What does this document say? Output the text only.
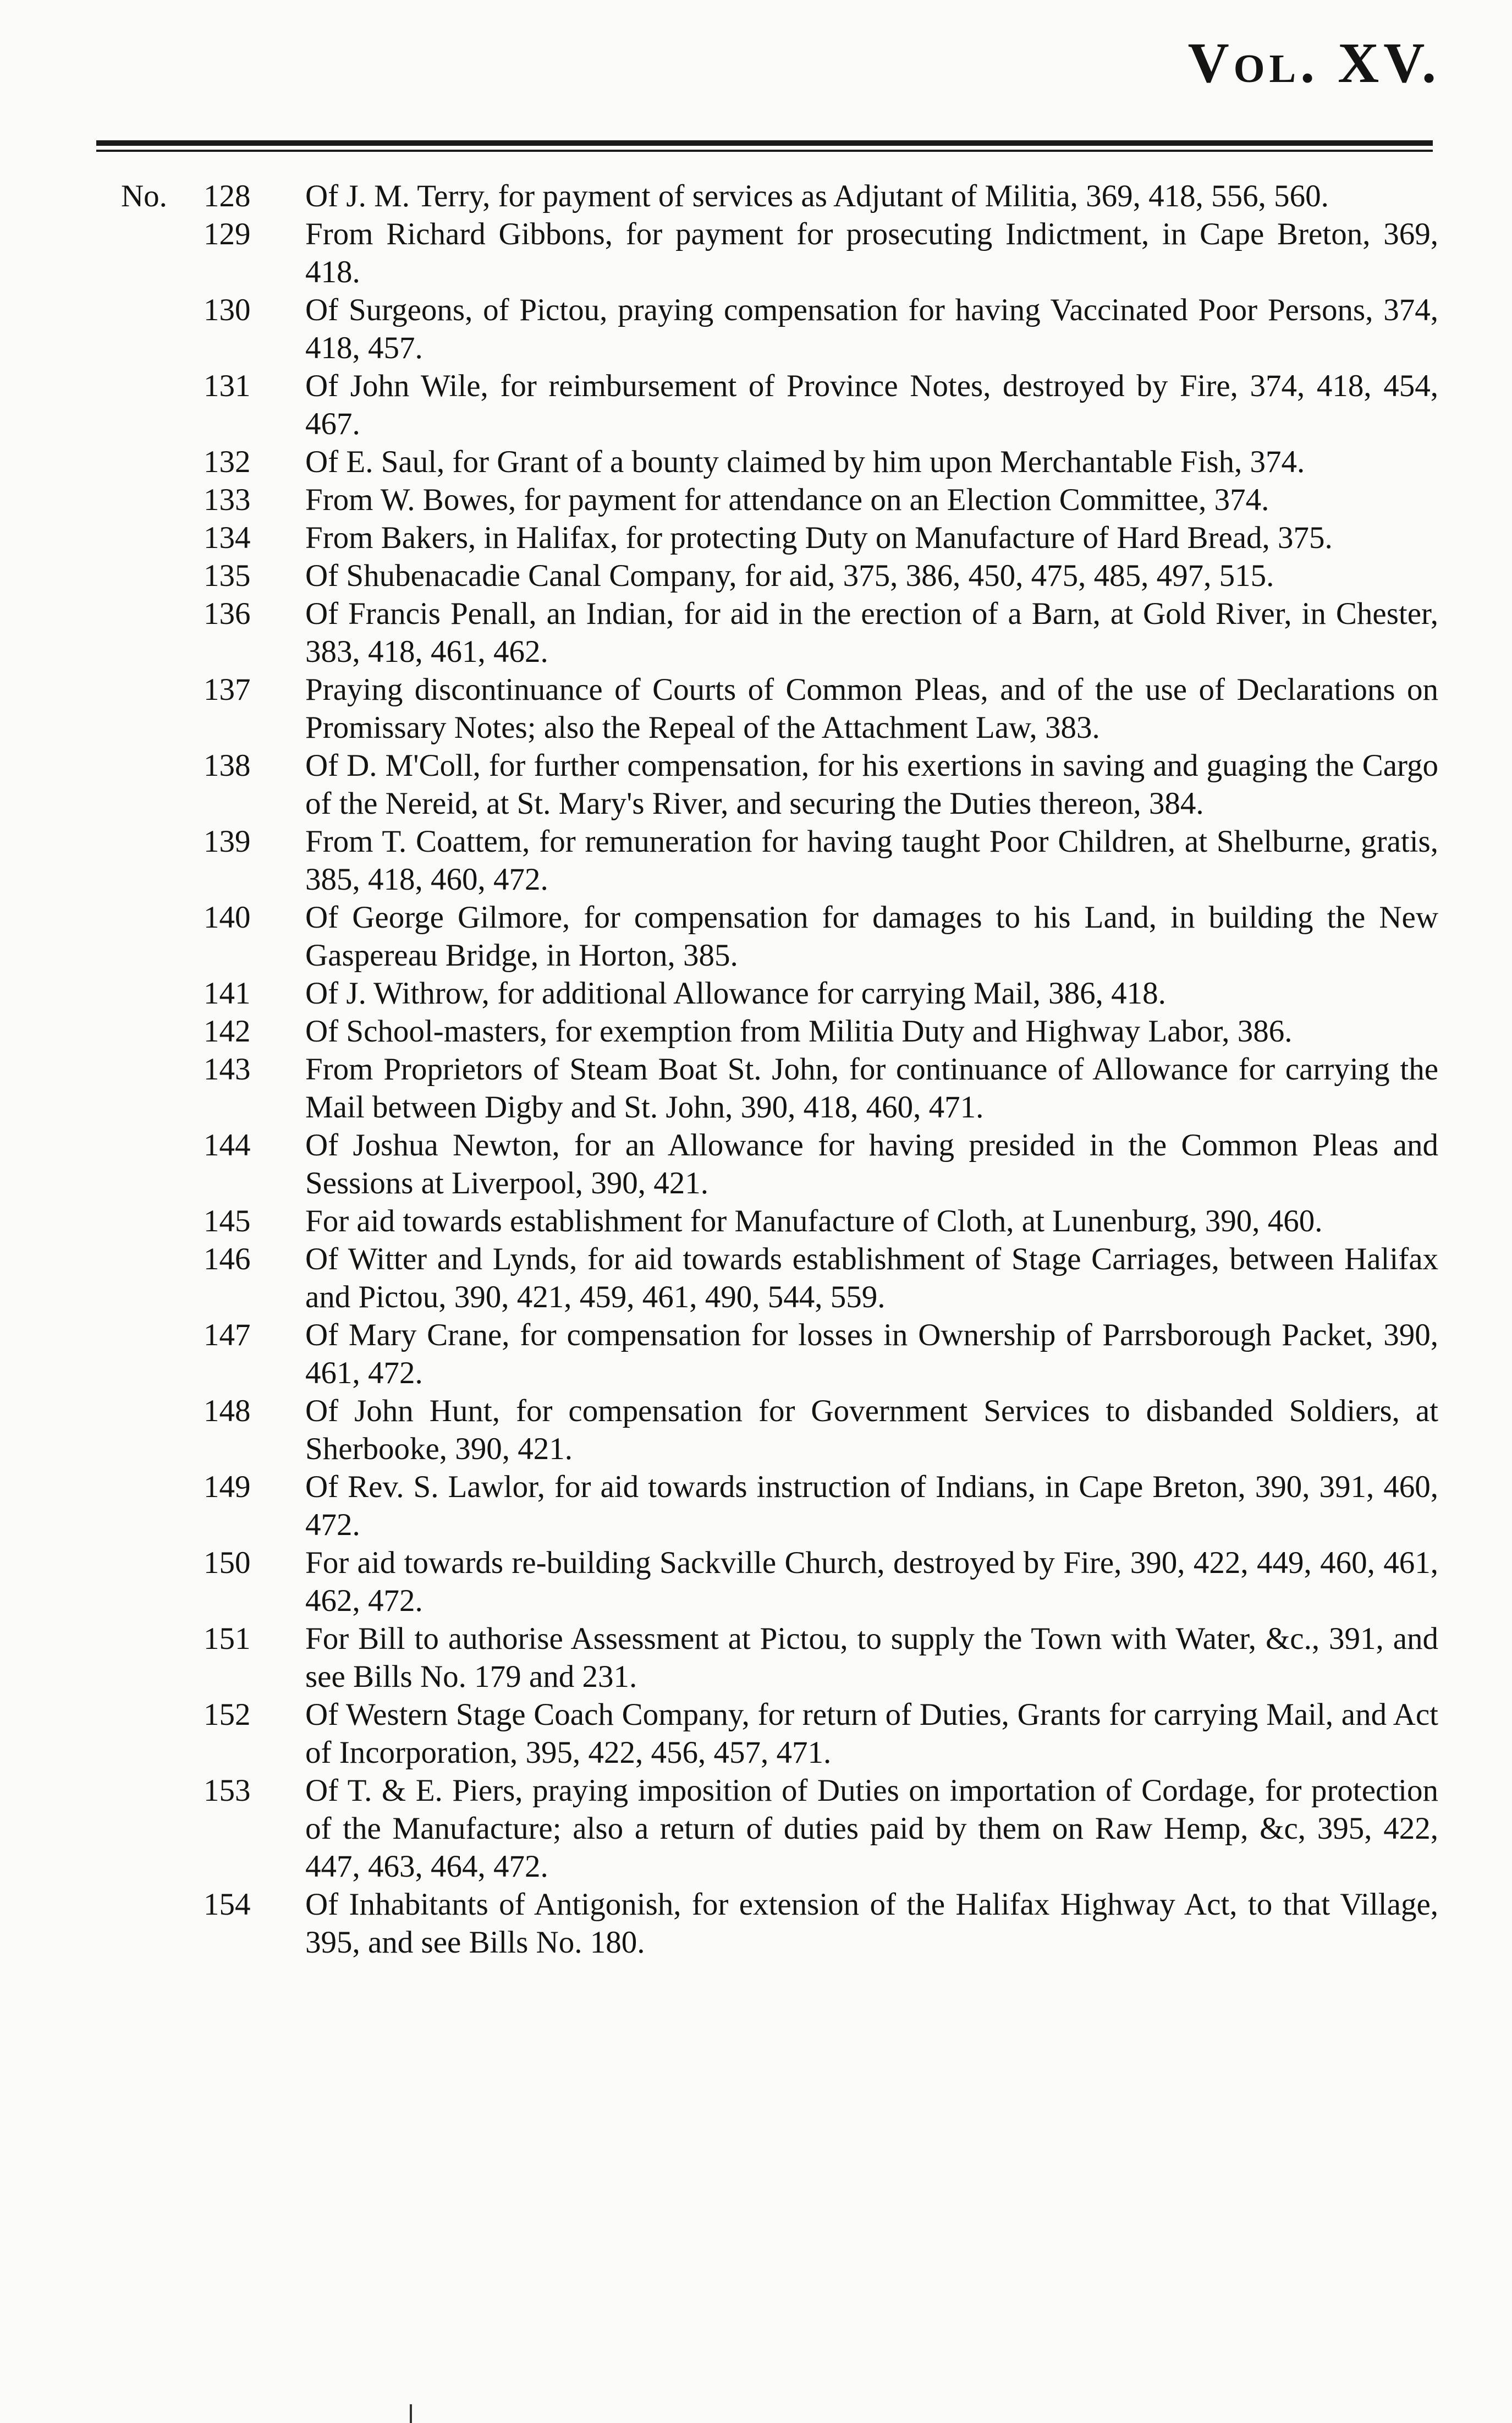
Vol. XV.
No. 128	Of J. M. Terry, for payment of services as Adjutant of Militia, 369, 418, 556, 560.
129	From Richard Gibbons, for payment for prosecuting Indictment, in Cape Breton, 369, 418.
130	Of Surgeons, of Pictou, praying compensation for having Vaccinated Poor Persons, 374, 418, 457.
131	Of John Wile, for reimbursement of Province Notes, destroyed by Fire, 374, 418, 454, 467.
132	Of E. Saul, for Grant of a bounty claimed by him upon Merchantable Fish, 374.
133	From W. Bowes, for payment for attendance on an Election Committee, 374.
134	From Bakers, in Halifax, for protecting Duty on Manufacture of Hard Bread, 375.
135	Of Shubenacadie Canal Company, for aid, 375, 386, 450, 475, 485, 497, 515.
136	Of Francis Penall, an Indian, for aid in the erection of a Barn, at Gold River, in Chester, 383, 418, 461, 462.
137	Praying discontinuance of Courts of Common Pleas, and of the use of Declarations on Promissary Notes; also the Repeal of the Attachment Law, 383.
138	Of D. M'Coll, for further compensation, for his exertions in saving and guaging the Cargo of the Nereid, at St. Mary's River, and securing the Duties thereon, 384.
139	From T. Coattem, for remuneration for having taught Poor Children, at Shelburne, gratis, 385, 418, 460, 472.
140	Of George Gilmore, for compensation for damages to his Land, in building the New Gaspereau Bridge, in Horton, 385.
141	Of J. Withrow, for additional Allowance for carrying Mail, 386, 418.
142	Of School-masters, for exemption from Militia Duty and Highway Labor, 386.
143	From Proprietors of Steam Boat St. John, for continuance of Allowance for carrying the Mail between Digby and St. John, 390, 418, 460, 471.
144	Of Joshua Newton, for an Allowance for having presided in the Common Pleas and Sessions at Liverpool, 390, 421.
145	For aid towards establishment for Manufacture of Cloth, at Lunenburg, 390, 460.
146	Of Witter and Lynds, for aid towards establishment of Stage Carriages, between Halifax and Pictou, 390, 421, 459, 461, 490, 544, 559.
147	Of Mary Crane, for compensation for losses in Ownership of Parrsborough Packet, 390, 461, 472.
148	Of John Hunt, for compensation for Government Services to disbanded Soldiers, at Sherbooke, 390, 421.
149	Of Rev. S. Lawlor, for aid towards instruction of Indians, in Cape Breton, 390, 391, 460, 472.
150	For aid towards re-building Sackville Church, destroyed by Fire, 390, 422, 449, 460, 461, 462, 472.
151	For Bill to authorise Assessment at Pictou, to supply the Town with Water, &c., 391, and see Bills No. 179 and 231.
152	Of Western Stage Coach Company, for return of Duties, Grants for carrying Mail, and Act of Incorporation, 395, 422, 456, 457, 471.
153	Of T. & E. Piers, praying imposition of Duties on importation of Cordage, for protection of the Manufacture; also a return of duties paid by them on Raw Hemp, &c, 395, 422, 447, 463, 464, 472.
154	Of Inhabitants of Antigonish, for extension of the Halifax Highway Act, to that Village, 395, and see Bills No. 180.
